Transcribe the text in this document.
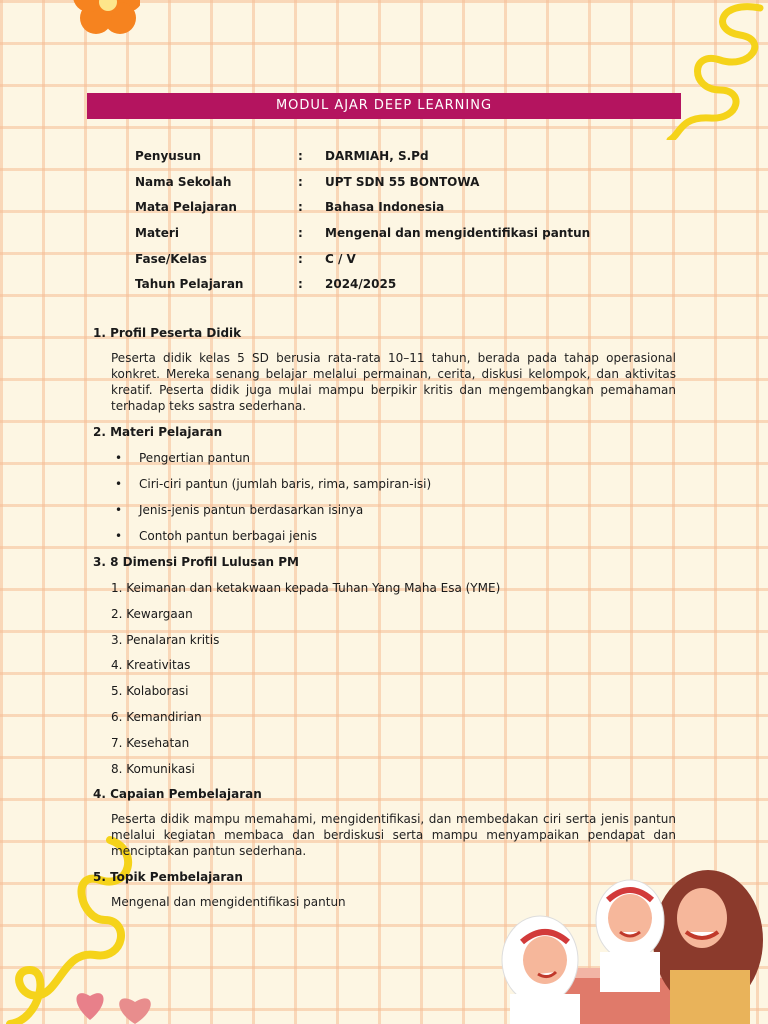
MODUL AJAR DEEP LEARNING
Penyusun	:	DARMIAH, S.Pd
Nama Sekolah	:	UPT SDN 55 BONTOWA
Mata Pelajaran	:	Bahasa Indonesia
Materi	:	Mengenal dan mengidentifikasi pantun
Fase/Kelas	:	C / V
Tahun Pelajaran	:	2024/2025
1. Profil Peserta Didik
Peserta didik kelas 5 SD berusia rata-rata 10–11 tahun, berada pada tahap operasional konkret. Mereka senang belajar melalui permainan, cerita, diskusi kelompok, dan aktivitas kreatif. Peserta didik juga mulai mampu berpikir kritis dan mengembangkan pemahaman terhadap teks sastra sederhana.
2. Materi Pelajaran
•	Pengertian pantun
•	Ciri-ciri pantun (jumlah baris, rima, sampiran-isi)
•	Jenis-jenis pantun berdasarkan isinya
•	Contoh pantun berbagai jenis
3. 8 Dimensi Profil Lulusan PM
1. Keimanan dan ketakwaan kepada Tuhan Yang Maha Esa (YME)
2. Kewargaan
3. Penalaran kritis
4. Kreativitas
5. Kolaborasi
6. Kemandirian
7. Kesehatan
8. Komunikasi
4. Capaian Pembelajaran
Peserta didik mampu memahami, mengidentifikasi, dan membedakan ciri serta jenis pantun melalui kegiatan membaca dan berdiskusi serta mampu menyampaikan pendapat dan menciptakan pantun sederhana.
5. Topik Pembelajaran
Mengenal dan mengidentifikasi pantun
